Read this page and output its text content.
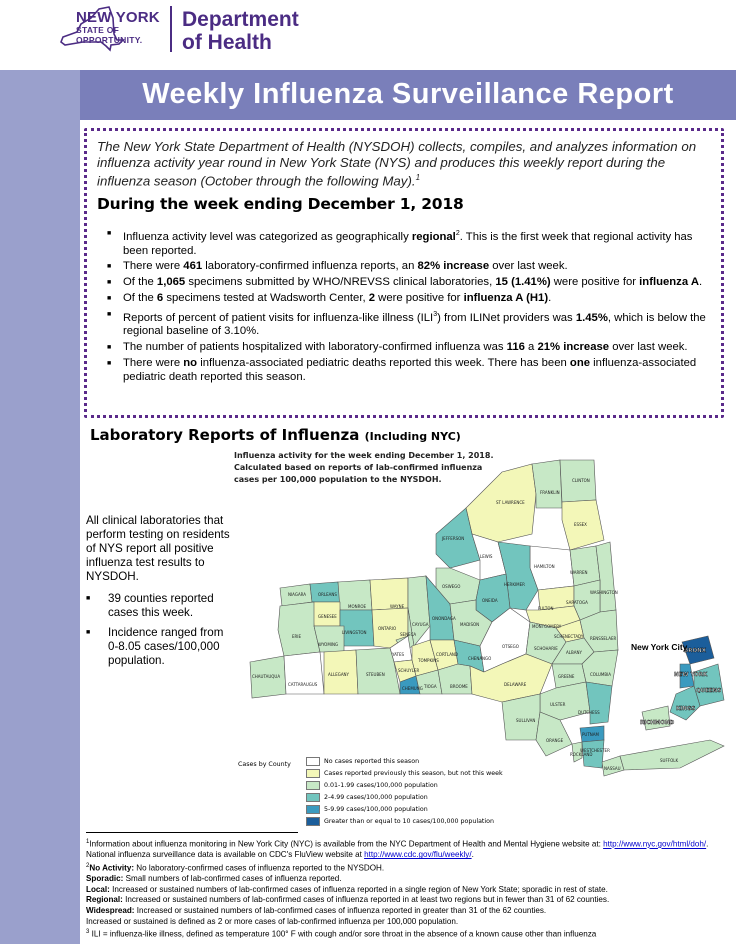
NEW YORK
STATE OF
OPPORTUNITY.
Department
of Health
Weekly Influenza Surveillance Report
The New York State Department of Health (NYSDOH) collects, compiles, and analyzes information on influenza activity year round in New York State (NYS) and produces this weekly report during the influenza season (October through the following May).$^1$
During the week ending December 1, 2018
■ Influenza activity level was categorized as geographically regional$^2$. This is the first week that regional activity has been reported.
■ There were 461 laboratory-confirmed influenza reports, an 82% increase over last week.
■ Of the 1,065 specimens submitted by WHO/NREVSS clinical laboratories, 15 (1.41%) were positive for influenza A.
■ Of the 6 specimens tested at Wadsworth Center, 2 were positive for influenza A (H1).
■ Reports of percent of patient visits for influenza-like illness (ILI$^3$) from ILINet providers was 1.45%, which is below the regional baseline of 3.10%.
■ The number of patients hospitalized with laboratory-confirmed influenza was 116 a 21% increase over last week.
■ There were no influenza-associated pediatric deaths reported this week. There has been one influenza-associated pediatric death reported this season.
Laboratory Reports of Influenza (Including NYC)
All clinical laboratories that perform testing on residents of NYS report all positive influenza test results to NYSDOH.
■ 39 counties reported cases this week.
■ Incidence ranged from 0-8.05 cases/100,000 population.
ST LAWRENCE
FRANKLIN
CLINTON
ESSEX
JEFFERSON
LEWIS
HAMILTON
WARREN
WASHINGTON
OSWEGO	HERKIMER
FULTON
SARATOGA
ONEIDA
NIAGARA	ORLEANS
MONROE	WAYNE
GENESEE
ONTARIO
LIVINGSTON
ERIE
WYOMING
SENECA
CAYUGA
ONONDAGA
MADISON	MONTGOMERY
SCHENECTADY RENSSELAER
ALBANY
CHAUTAUQUA
CATTARAUGUS
ALLEGANY	STEUBEN
YATES
SCHUYLER
TOMPKINS
CORTLAND
CHENANGO
OTSEGO	SCHOHARIE
CHEMUNG TIOGA	BROOME	DELAWARE
GREENE	COLUMBIA
ULSTER
DUTCHESS
SULLIVAN
ORANGE
PUTNAM
ROCKLAND
WESTCHESTER
NASSAU
SUFFOLK
BRONX
NEW YORK
QUEENS
KINGS
RICHMOND
Influenza activity for the week ending December 1, 2018.
Calculated based on reports of lab-confirmed influenza
cases per 100,000 population to the NYSDOH.
New York City
Cases by County	No cases reported this season
Cases reported previously this season, but not this week
0.01-1.99 cases/100,000 population
2-4.99 cases/100,000 population
5-9.99 cases/100,000 population
Greater than or equal to 10 cases/100,000 population
$^1$Information about influenza monitoring in New York City (NYC) is available from the NYC Department of Health and Mental Hygiene website at: http://www.nyc.gov/html/doh/. National influenza surveillance data is available on CDC's FluView website at http://www.cdc.gov/flu/weekly/.
$^2$No Activity: No laboratory-confirmed cases of influenza reported to the NYSDOH.
Sporadic: Small numbers of lab-confirmed cases of influenza reported.
Local: Increased or sustained numbers of lab-confirmed cases of influenza reported in a single region of New York State; sporadic in rest of state.
Regional: Increased or sustained numbers of lab-confirmed cases of influenza reported in at least two regions but in fewer than 31 of 62 counties.
Widespread: Increased or sustained numbers of lab-confirmed cases of influenza reported in greater than 31 of the 62 counties.
Increased or sustained is defined as 2 or more cases of lab-confirmed influenza per 100,000 population.
$^3$ ILI = influenza-like illness, defined as temperature 100° F with cough and/or sore throat in the absence of a known cause other than influenza
